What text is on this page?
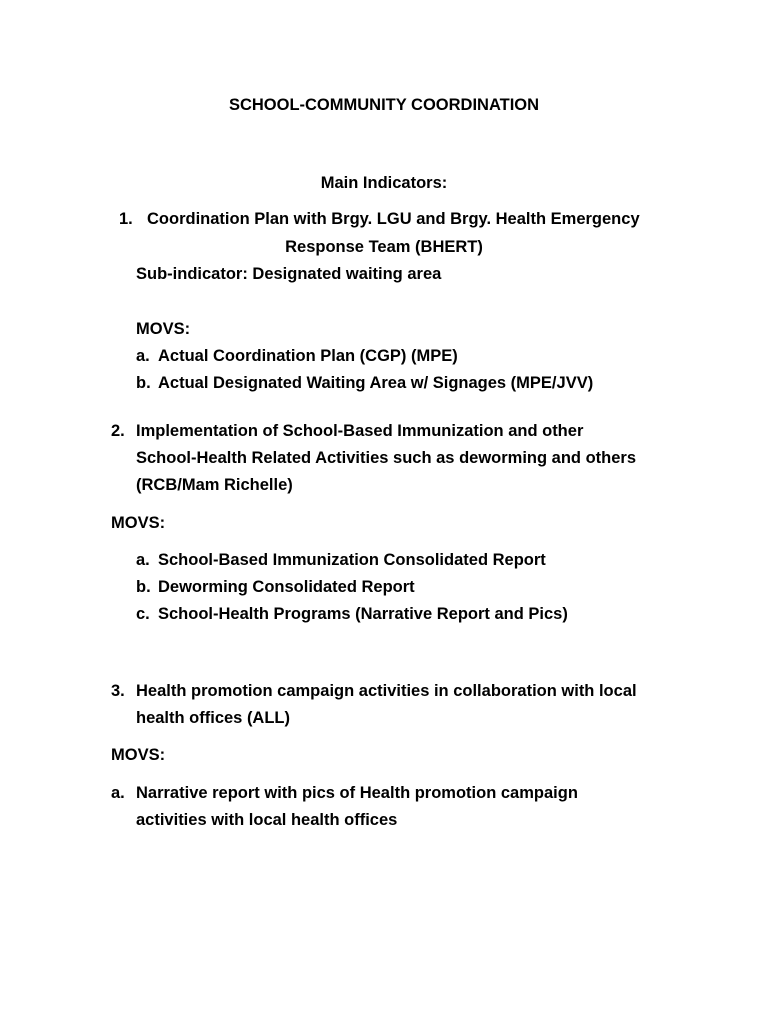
SCHOOL-COMMUNITY COORDINATION
Main Indicators:
1. Coordination Plan with Brgy. LGU and Brgy. Health Emergency
Response Team (BHERT)
Sub-indicator: Designated waiting area
MOVS:
a. Actual Coordination Plan (CGP) (MPE)
b. Actual Designated Waiting Area w/ Signages (MPE/JVV)
2. Implementation of School-Based Immunization and other
School-Health Related Activities such as deworming and others
(RCB/Mam Richelle)
MOVS:
a. School-Based Immunization Consolidated Report
b. Deworming Consolidated Report
c. School-Health Programs (Narrative Report and Pics)
3. Health promotion campaign activities in collaboration with local
health offices (ALL)
MOVS:
a. Narrative report with pics of Health promotion campaign
activities with local health offices
